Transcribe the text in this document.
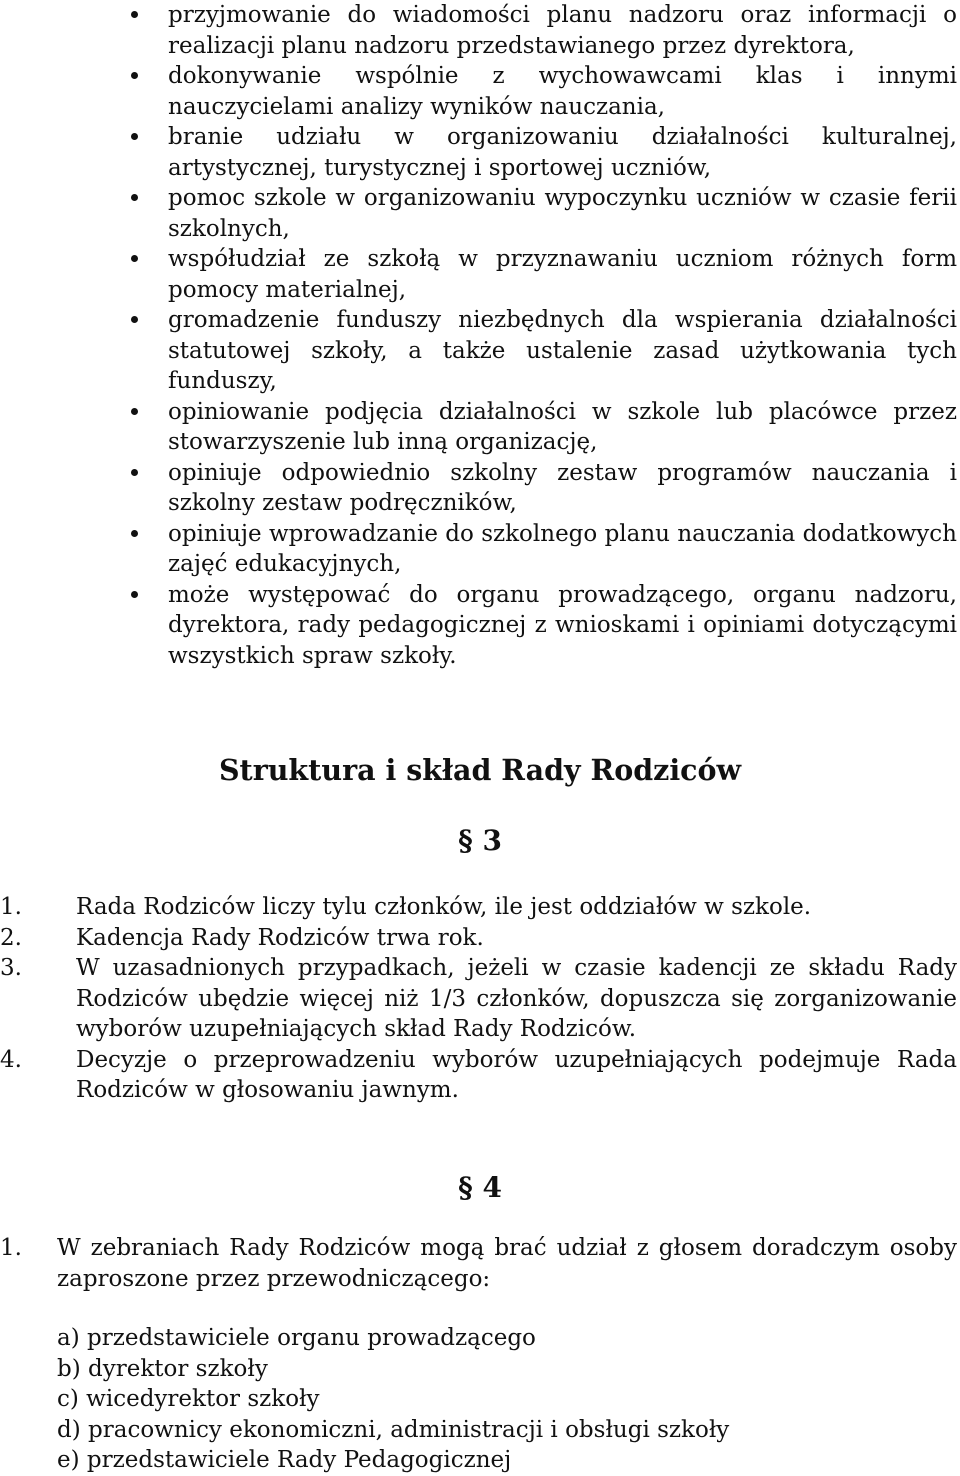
przyjmowanie do wiadomości planu nadzoru oraz informacji o realizacji planu nadzoru przedstawianego przez dyrektora,
dokonywanie wspólnie z wychowawcami klas i innymi nauczycielami analizy wyników nauczania,
branie udziału w organizowaniu działalności kulturalnej, artystycznej, turystycznej i sportowej uczniów,
pomoc szkole w organizowaniu wypoczynku uczniów w czasie ferii szkolnych,
współudział ze szkołą w przyznawaniu uczniom różnych form pomocy materialnej,
gromadzenie funduszy niezbędnych dla wspierania działalności statutowej szkoły, a także ustalenie zasad użytkowania tych funduszy,
opiniowanie podjęcia działalności w szkole lub placówce przez stowarzyszenie lub inną organizację,
opiniuje odpowiednio szkolny zestaw programów nauczania i szkolny zestaw podręczników,
opiniuje wprowadzanie do szkolnego planu nauczania dodatkowych zajęć edukacyjnych,
może występować do organu prowadzącego, organu nadzoru, dyrektora, rady pedagogicznej z wnioskami i opiniami dotyczącymi wszystkich spraw szkoły.
Struktura i skład Rady Rodziców
§ 3
1. Rada Rodziców liczy tylu członków, ile jest oddziałów w szkole.
2. Kadencja Rady Rodziców trwa rok.
3. W uzasadnionych przypadkach, jeżeli w czasie kadencji ze składu Rady Rodziców ubędzie więcej niż 1/3 członków, dopuszcza się zorganizowanie wyborów uzupełniających skład Rady Rodziców.
4. Decyzje o przeprowadzeniu wyborów uzupełniających podejmuje Rada Rodziców w głosowaniu jawnym.
§ 4
1. W zebraniach Rady Rodziców mogą brać udział z głosem doradczym osoby zaproszone przez przewodniczącego:
a) przedstawiciele organu prowadzącego
b) dyrektor szkoły
c) wicedyrektor szkoły
d) pracownicy ekonomiczni, administracji i obsługi szkoły
e) przedstawiciele Rady Pedagogicznej
